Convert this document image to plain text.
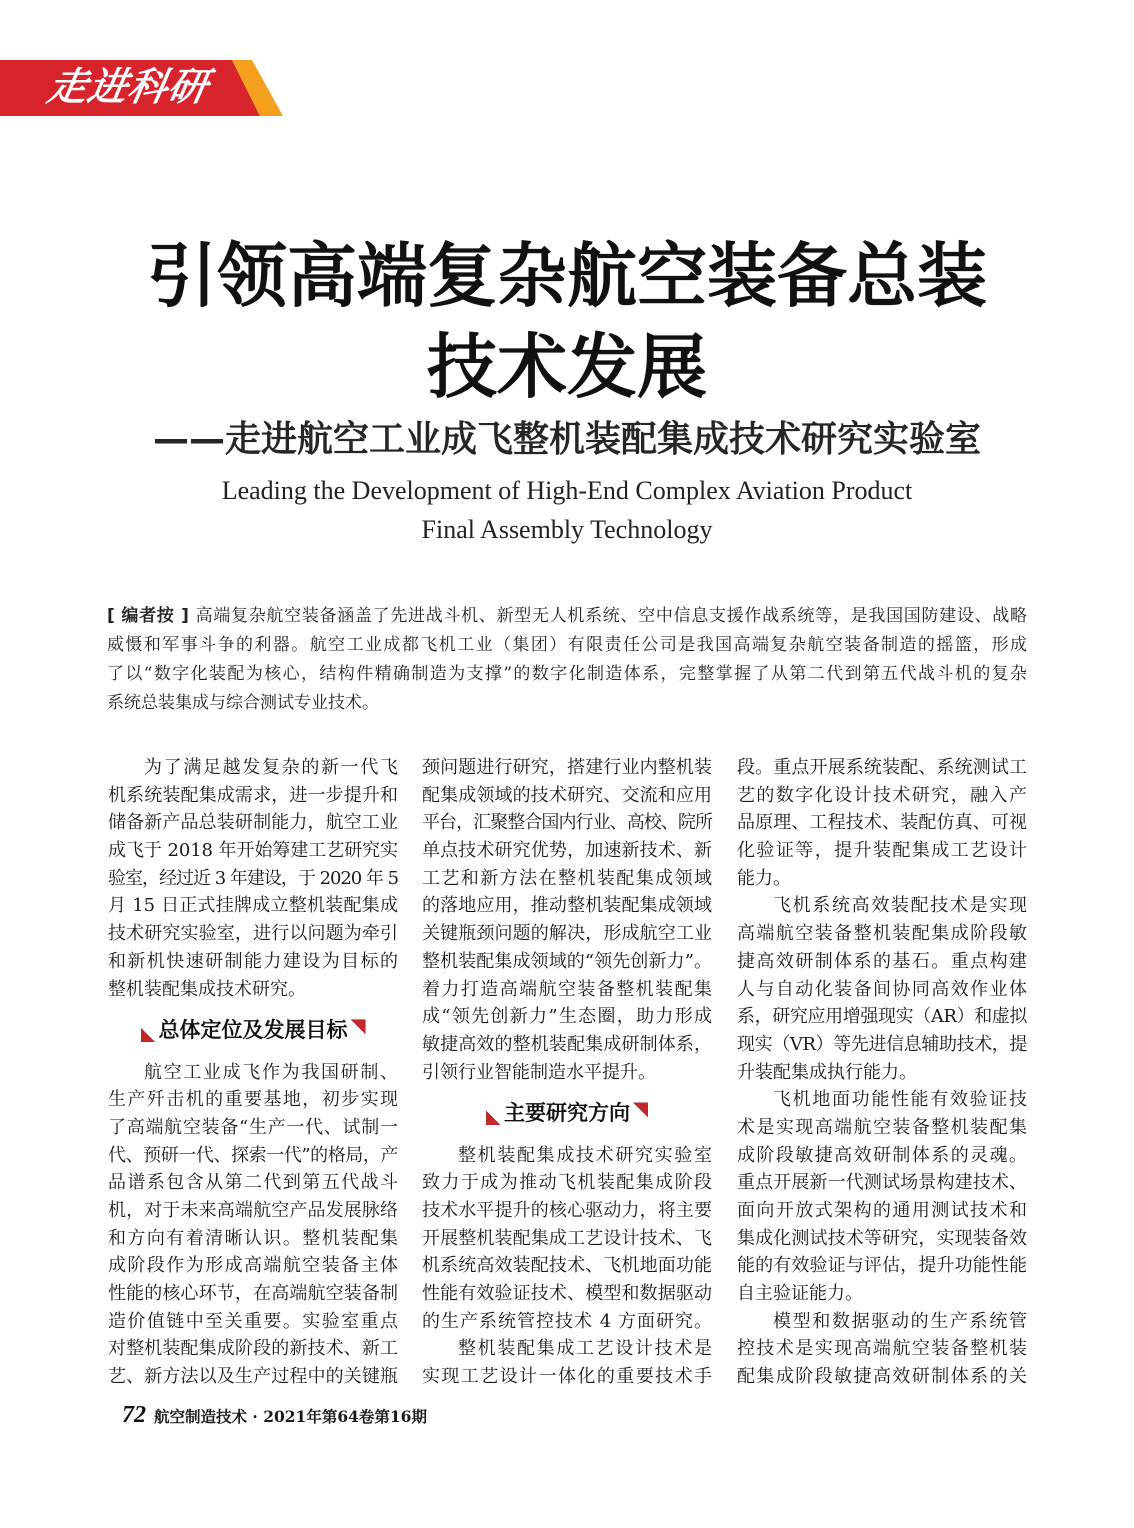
走进科研
引领高端复杂航空装备总装
技术发展
——走进航空工业成飞整机装配集成技术研究实验室
Leading the Development of High-End Complex Aviation Product
Final Assembly Technology
[ 编者按 ] 高端复杂航空装备涵盖了先进战斗机、新型无人机系统、空中信息支援作战系统等，是我国国防建设、战略
威慑和军事斗争的利器。航空工业成都飞机工业（集团）有限责任公司是我国高端复杂航空装备制造的摇篮，形成
了以“数字化装配为核心，结构件精确制造为支撑”的数字化制造体系，完整掌握了从第二代到第五代战斗机的复杂
系统总装集成与综合测试专业技术。
为了满足越发复杂的新一代飞
机系统装配集成需求，进一步提升和
储备新产品总装研制能力，航空工业
成飞于 2018 年开始筹建工艺研究实
验室，经过近 3 年建设，于 2020 年 5
月 15 日正式挂牌成立整机装配集成
技术研究实验室，进行以问题为牵引
和新机快速研制能力建设为目标的
整机装配集成技术研究。
总体定位及发展目标
航空工业成飞作为我国研制、
生产歼击机的重要基地，初步实现
了高端航空装备“生产一代、试制一
代、预研一代、探索一代”的格局，产
品谱系包含从第二代到第五代战斗
机，对于未来高端航空产品发展脉络
和方向有着清晰认识。整机装配集
成阶段作为形成高端航空装备主体
性能的核心环节，在高端航空装备制
造价值链中至关重要。实验室重点
对整机装配集成阶段的新技术、新工
艺、新方法以及生产过程中的关键瓶
颈问题进行研究，搭建行业内整机装
配集成领域的技术研究、交流和应用
平台，汇聚整合国内行业、高校、院所
单点技术研究优势，加速新技术、新
工艺和新方法在整机装配集成领域
的落地应用，推动整机装配集成领域
关键瓶颈问题的解决，形成航空工业
整机装配集成领域的“领先创新力”。
着力打造高端航空装备整机装配集
成“领先创新力”生态圈，助力形成
敏捷高效的整机装配集成研制体系，
引领行业智能制造水平提升。
主要研究方向
整机装配集成技术研究实验室
致力于成为推动飞机装配集成阶段
技术水平提升的核心驱动力，将主要
开展整机装配集成工艺设计技术、飞
机系统高效装配技术、飞机地面功能
性能有效验证技术、模型和数据驱动
的生产系统管控技术 4 方面研究。
整机装配集成工艺设计技术是
实现工艺设计一体化的重要技术手
段。重点开展系统装配、系统测试工
艺的数字化设计技术研究，融入产
品原理、工程技术、装配仿真、可视
化验证等，提升装配集成工艺设计
能力。
飞机系统高效装配技术是实现
高端航空装备整机装配集成阶段敏
捷高效研制体系的基石。重点构建
人与自动化装备间协同高效作业体
系，研究应用增强现实（AR）和虚拟
现实（VR）等先进信息辅助技术，提
升装配集成执行能力。
飞机地面功能性能有效验证技
术是实现高端航空装备整机装配集
成阶段敏捷高效研制体系的灵魂。
重点开展新一代测试场景构建技术、
面向开放式架构的通用测试技术和
集成化测试技术等研究，实现装备效
能的有效验证与评估，提升功能性能
自主验证能力。
模型和数据驱动的生产系统管
控技术是实现高端航空装备整机装
配集成阶段敏捷高效研制体系的关
72 航空制造技术 · 2021年第64卷第16期
